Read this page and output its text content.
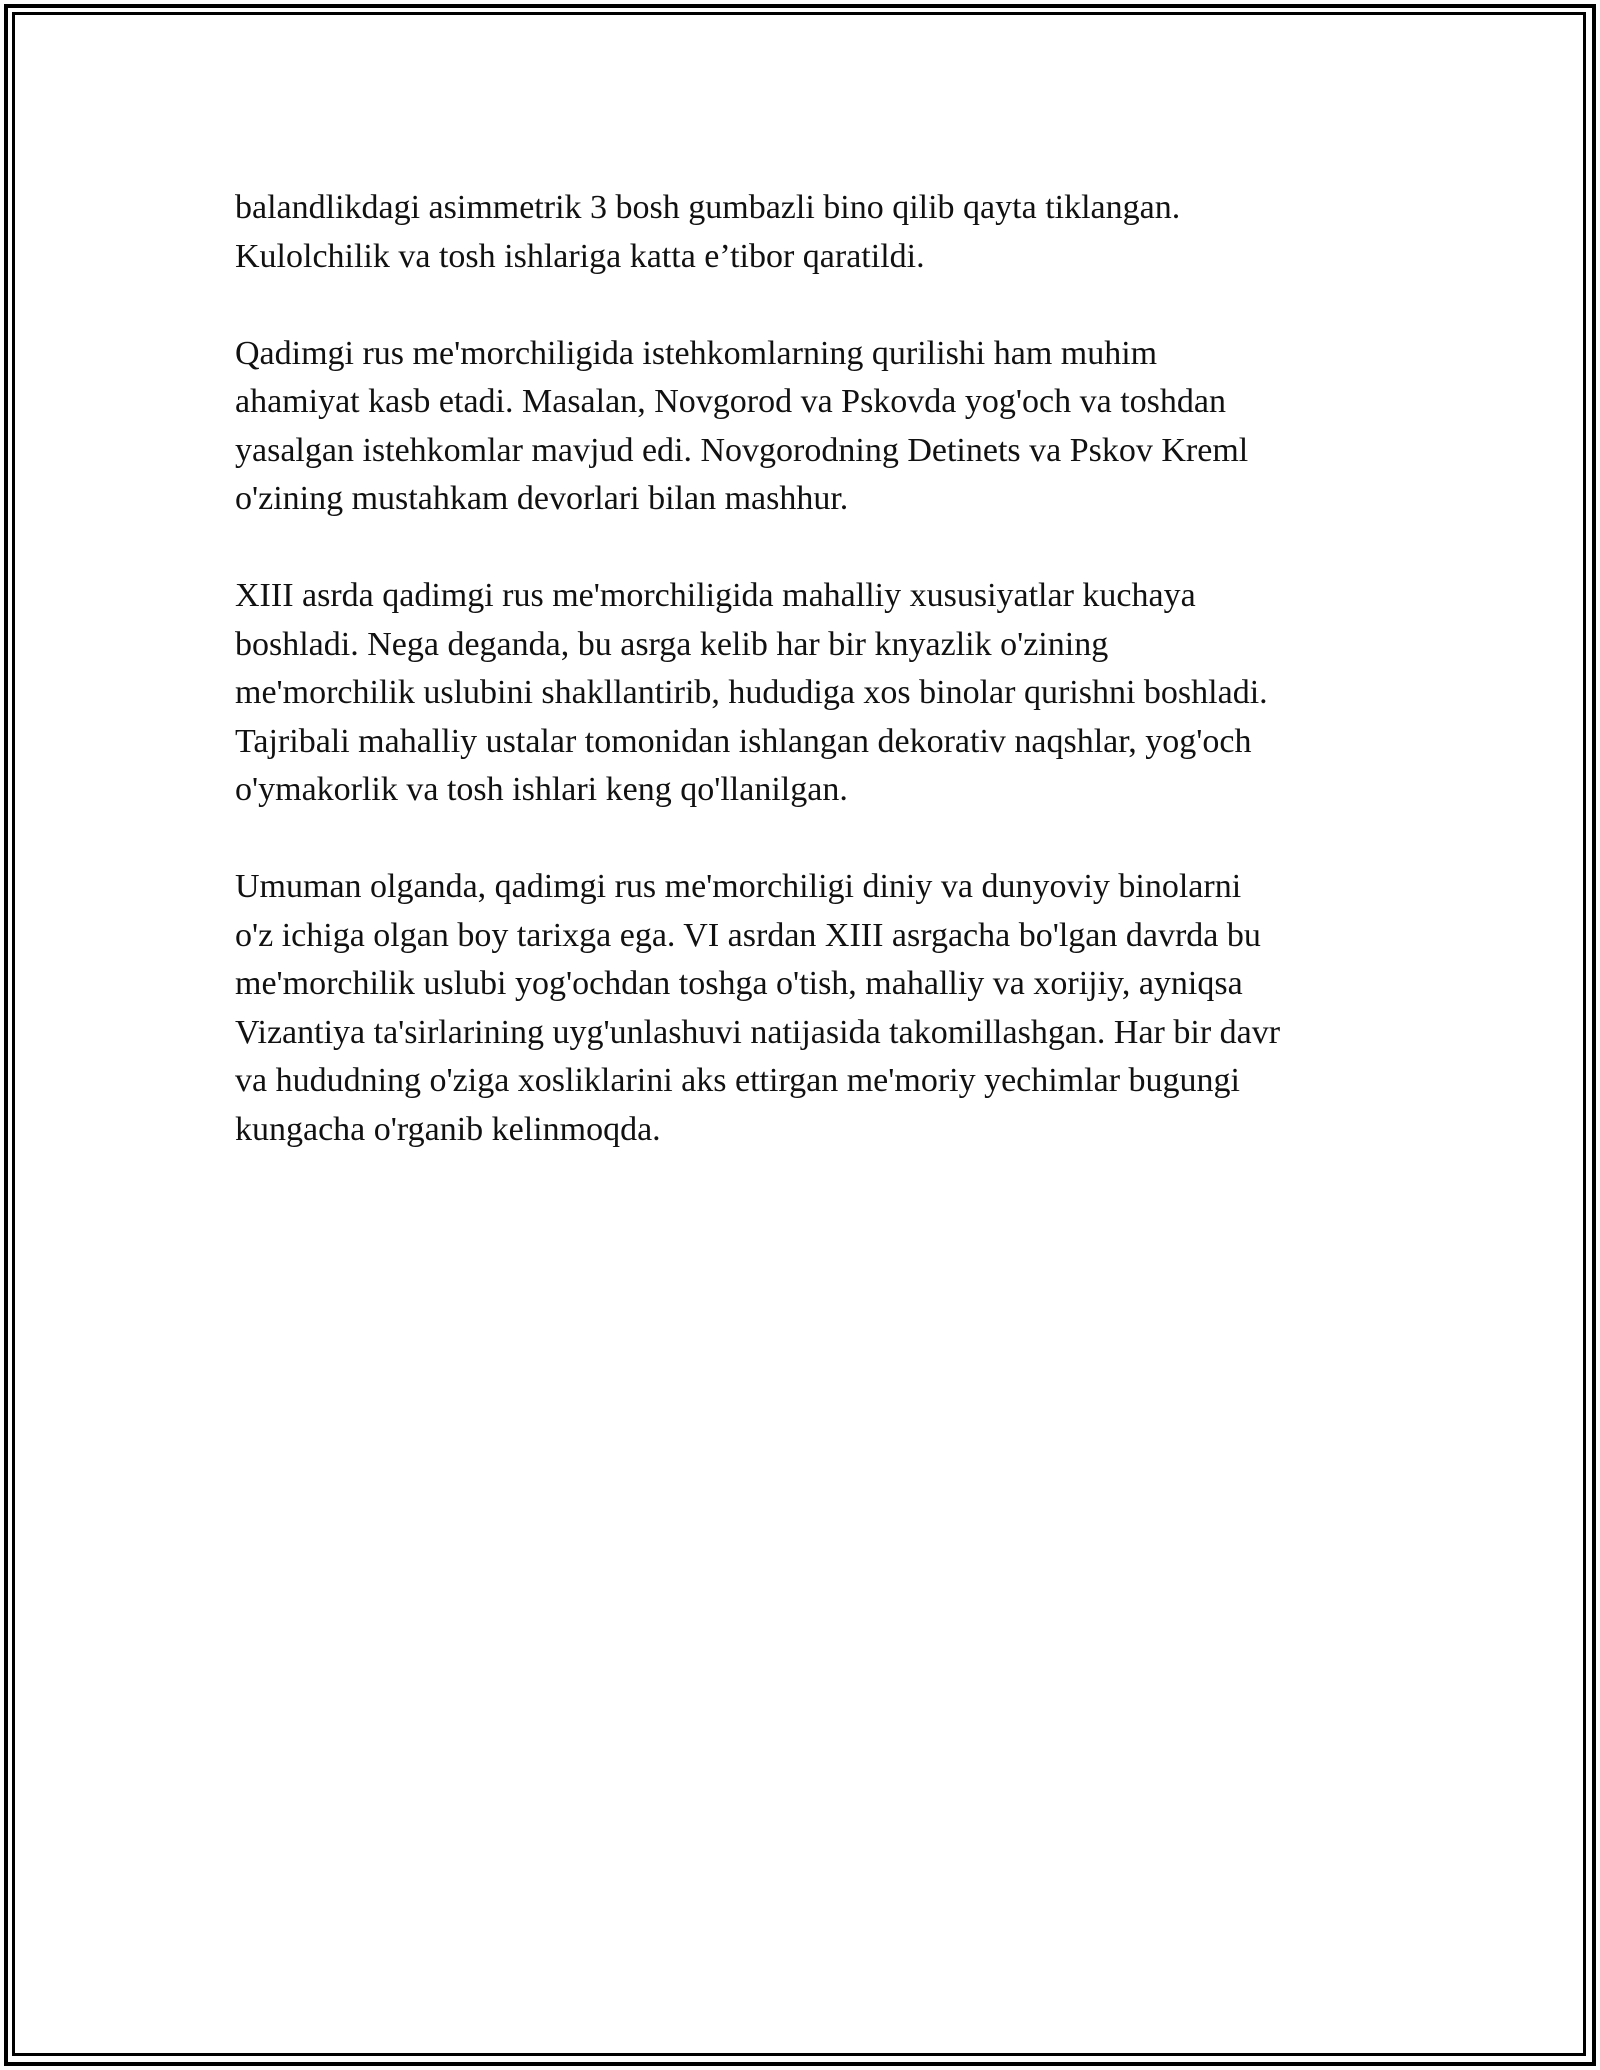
balandlikdagi asimmetrik 3 bosh gumbazli bino qilib qayta tiklangan.
Kulolchilik va tosh ishlariga katta e’tibor qaratildi.

Qadimgi rus me'morchiligida istehkomlarning qurilishi ham muhim
ahamiyat kasb etadi. Masalan, Novgorod va Pskovda yog'och va toshdan
yasalgan istehkomlar mavjud edi. Novgorodning Detinets va Pskov Kreml
o'zining mustahkam devorlari bilan mashhur.

XIII asrda qadimgi rus me'morchiligida mahalliy xususiyatlar kuchaya
boshladi. Nega deganda, bu asrga kelib har bir knyazlik o'zining
me'morchilik uslubini shakllantirib, hududiga xos binolar qurishni boshladi.
Tajribali mahalliy ustalar tomonidan ishlangan dekorativ naqshlar, yog'och
o'ymakorlik va tosh ishlari keng qo'llanilgan.

Umuman olganda, qadimgi rus me'morchiligi diniy va dunyoviy binolarni
o'z ichiga olgan boy tarixga ega. VI asrdan XIII asrgacha bo'lgan davrda bu
me'morchilik uslubi yog'ochdan toshga o'tish, mahalliy va xorijiy, ayniqsa
Vizantiya ta'sirlarining uyg'unlashuvi natijasida takomillashgan. Har bir davr
va hududning o'ziga xosliklarini aks ettirgan me'moriy yechimlar bugungi
kungacha o'rganib kelinmoqda.
